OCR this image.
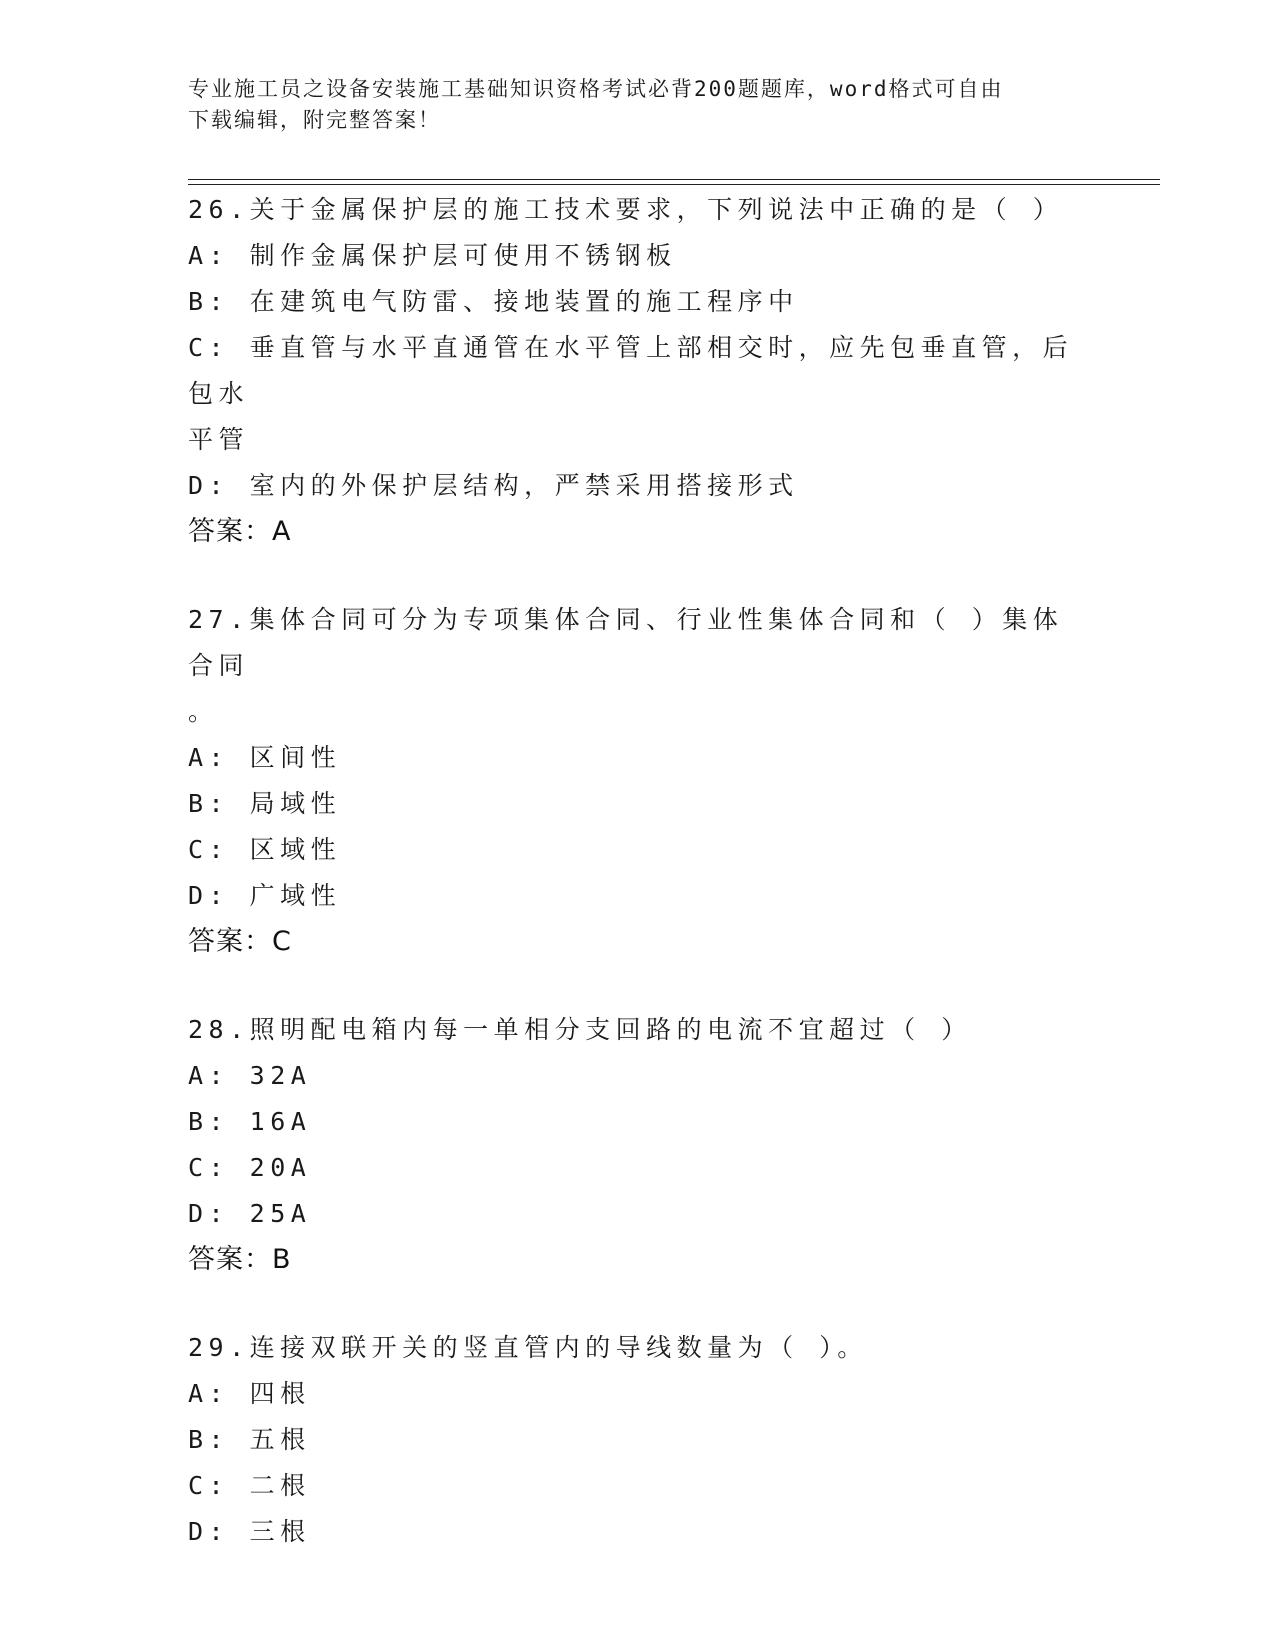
专业施工员之设备安装施工基础知识资格考试必背200题题库，word格式可自由
下载编辑，附完整答案！

26.关于金属保护层的施工技术要求，下列说法中正确的是（ ）

A: 制作金属保护层可使用不锈钢板

B: 在建筑电气防雷、接地装置的施工程序中

C: 垂直管与水平直通管在水平管上部相交时，应先包垂直管，后包水

平管

D: 室内的外保护层结构，严禁采用搭接形式

答案：A

27.集体合同可分为专项集体合同、行业性集体合同和（ ）集体合同

。

A: 区间性

B: 局域性

C: 区域性

D: 广域性

答案：C

28.照明配电箱内每一单相分支回路的电流不宜超过（ ）

A: 32A

B: 16A

C: 20A

D: 25A

答案：B

29.连接双联开关的竖直管内的导线数量为（ ）。

A: 四根

B: 五根

C: 二根

D: 三根
